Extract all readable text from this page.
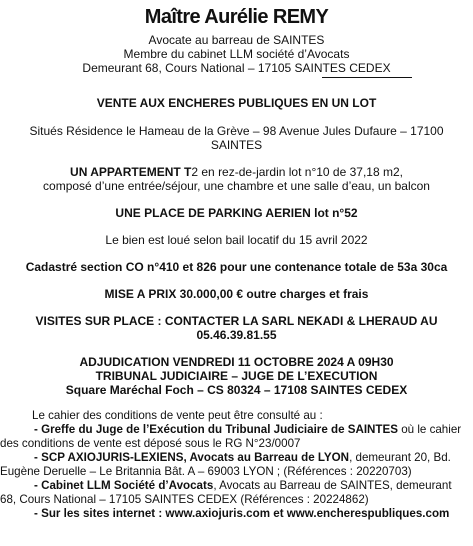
Maître Aurélie REMY
Avocate au barreau de SAINTES
Membre du cabinet LLM société d’Avocats
Demeurant 68, Cours National – 17105 SAINTES CEDEX
VENTE AUX ENCHERES PUBLIQUES EN UN LOT
Situés Résidence le Hameau de la Grève – 98 Avenue Jules Dufaure – 17100
SAINTES
UN APPARTEMENT T2 en rez-de-jardin lot n°10 de 37,18 m2,
composé d’une entrée/séjour, une chambre et une salle d’eau, un balcon
UNE PLACE DE PARKING AERIEN lot n°52
Le bien est loué selon bail locatif du 15 avril 2022
Cadastré section CO n°410 et 826 pour une contenance totale de 53a 30ca
MISE A PRIX 30.000,00 € outre charges et frais
VISITES SUR PLACE : CONTACTER LA SARL NEKADI & LHERAUD AU
05.46.39.81.55
ADJUDICATION VENDREDI 11 OCTOBRE 2024 A 09H30
TRIBUNAL JUDICIAIRE – JUGE DE L’EXECUTION
Square Maréchal Foch – CS 80324 – 17108 SAINTES CEDEX
Le cahier des conditions de vente peut être consulté au :
- Greffe du Juge de l’Exécution du Tribunal Judiciaire de SAINTES où le cahier
des conditions de vente est déposé sous le RG N°23/0007
- SCP AXIOJURIS-LEXIENS, Avocats au Barreau de LYON, demeurant 20, Bd.
Eugène Deruelle – Le Britannia Bât. A – 69003 LYON ; (Références : 20220703)
- Cabinet LLM Société d’Avocats, Avocats au Barreau de SAINTES, demeurant
68, Cours National – 17105 SAINTES CEDEX (Références : 20224862)
- Sur les sites internet : www.axiojuris.com et www.encherespubliques.com
